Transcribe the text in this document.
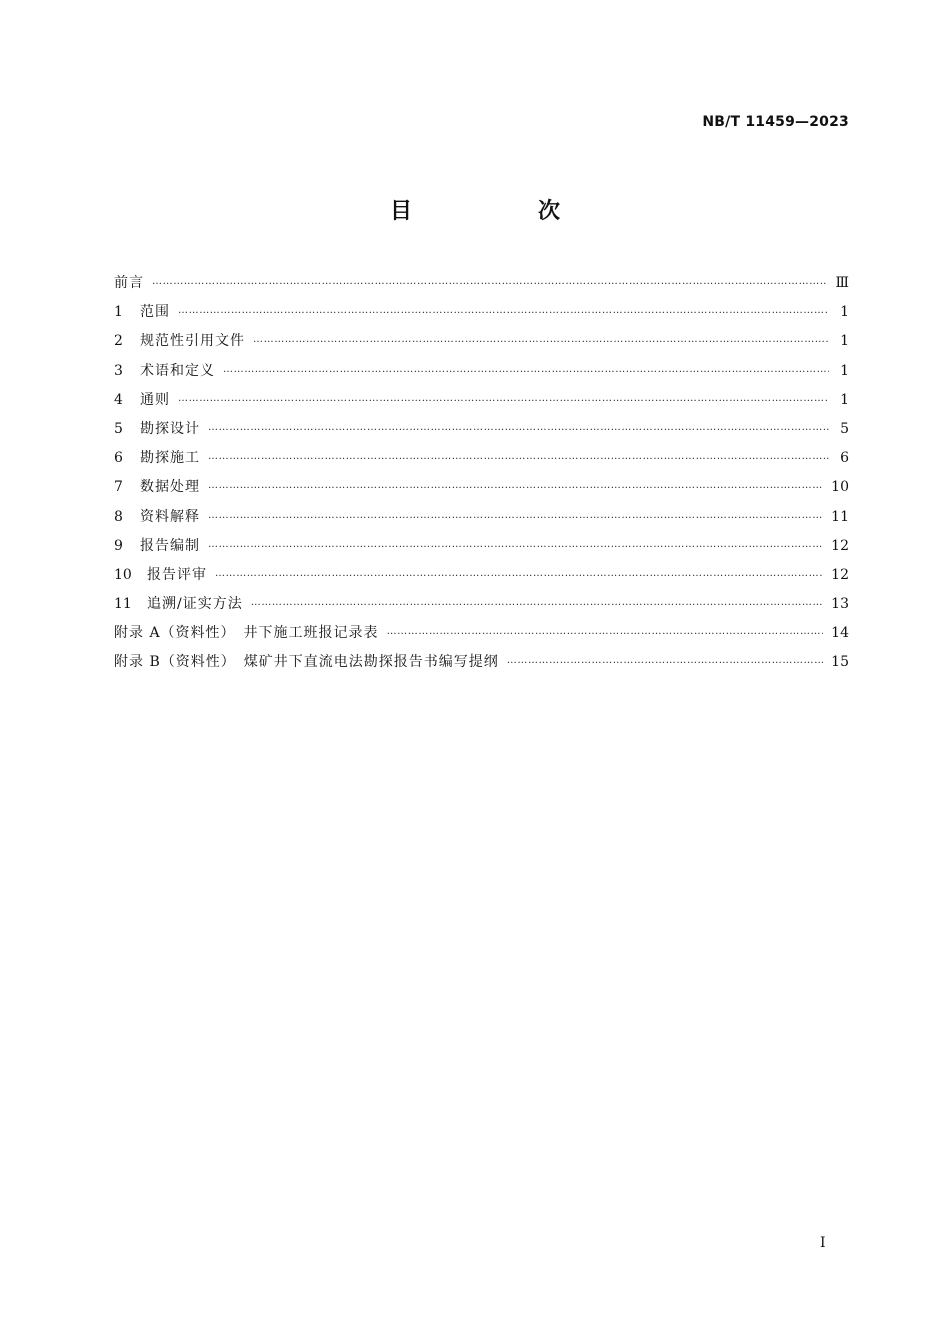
NB/T 11459—2023
目　次
前言 ……………………………………………………………………………………………………………………………………………………………………………………………………………………………………………………………………………………	Ⅲ
1	范围 ……………………………………………………………………………………………………………………………………………………………………………………………………………………………………………………………………………………	1
2	规范性引用文件 ……………………………………………………………………………………………………………………………………………………………………………………………………………………………………………………………………………………	1
3	术语和定义 ……………………………………………………………………………………………………………………………………………………………………………………………………………………………………………………………………………………	1
4	通则 ……………………………………………………………………………………………………………………………………………………………………………………………………………………………………………………………………………………	1
5	勘探设计 ……………………………………………………………………………………………………………………………………………………………………………………………………………………………………………………………………………………	5
6	勘探施工 ……………………………………………………………………………………………………………………………………………………………………………………………………………………………………………………………………………………	6
7	数据处理 ……………………………………………………………………………………………………………………………………………………………………………………………………………………………………………………………………………………	10
8	资料解释 ……………………………………………………………………………………………………………………………………………………………………………………………………………………………………………………………………………………	11
9	报告编制 ……………………………………………………………………………………………………………………………………………………………………………………………………………………………………………………………………………………	12
10	报告评审 ……………………………………………………………………………………………………………………………………………………………………………………………………………………………………………………………………………………	12
11	追溯/证实方法 ……………………………………………………………………………………………………………………………………………………………………………………………………………………………………………………………………………………	13
附录 A（资料性）　井下施工班报记录表 ……………………………………………………………………………………………………………………………………………………………………………………………………………………………………………………………………………………	14
附录 B（资料性）　煤矿井下直流电法勘探报告书编写提纲 ……………………………………………………………………………………………………………………………………………………………………………………………………………………………………………………………………………………	15
I
